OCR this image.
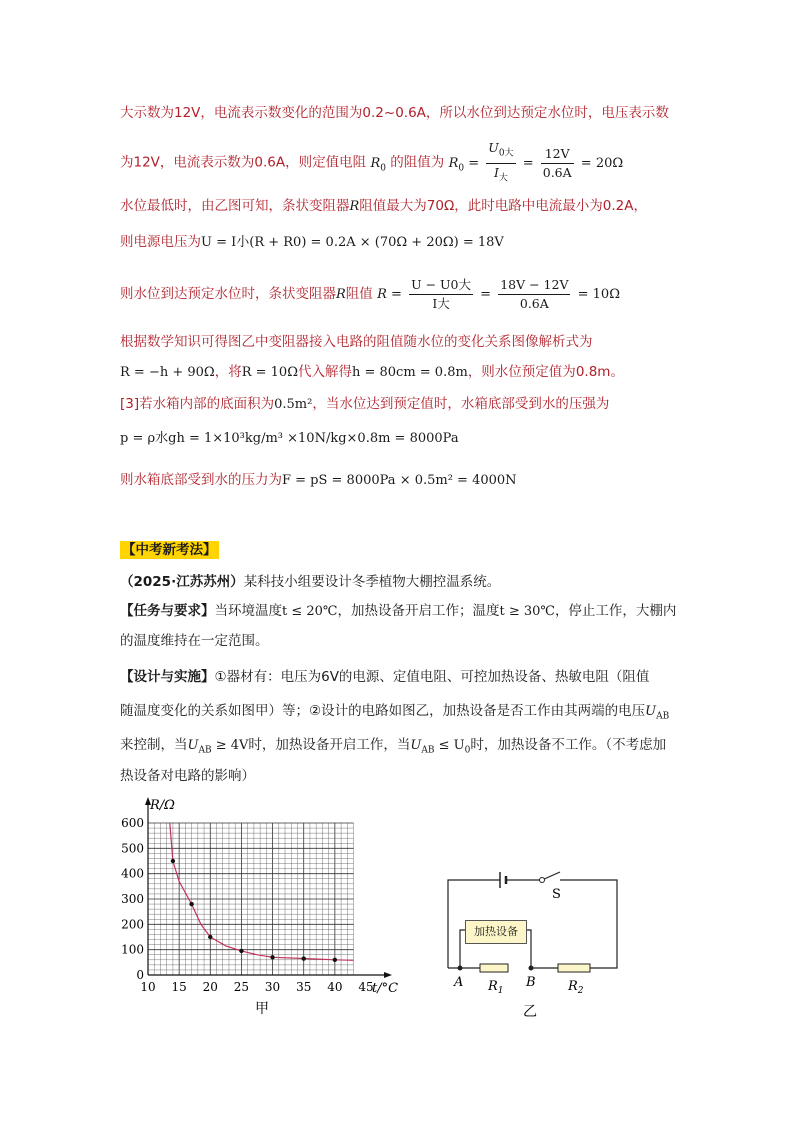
大示数为12V，电流表示数变化的范围为0.2~0.6A，所以水位到达预定水位时，电压表示数
为12V，电流表示数为0.6A，则定值电阻 $R_0$ 的阻值为 $R_0 = \frac{U_{0大}}{I_大} = \frac{12V}{0.6A} = 20\Omega$
水位最低时，由乙图可知，条状变阻器R阻值最大为70Ω，此时电路中电流最小为0.2A，
则电源电压为U = I小(R + R0) = 0.2A × (70Ω + 20Ω) = 18V
则水位到达预定水位时，条状变阻器R阻值 $R = \frac{\text{U − U0大}}{\text{I大}} = \frac{18V - 12V}{0.6A} = 10\Omega$
根据数学知识可得图乙中变阻器接入电路的阻值随水位的变化关系图像解析式为
R = −h + 90Ω，将R = 10Ω代入解得h = 80cm = 0.8m，则水位预定值为0.8m。
[3]若水箱内部的底面积为0.5m²，当水位达到预定值时，水箱底部受到水的压强为
p = ρ水gh = 1×10³kg/m³ ×10N/kg×0.8m = 8000Pa
则水箱底部受到水的压力为F = pS = 8000Pa × 0.5m² = 4000N
【中考新考法】
（2025·江苏苏州）某科技小组要设计冬季植物大棚控温系统。
【任务与要求】当环境温度t ≤ 20℃，加热设备开启工作；温度t ≥ 30℃，停止工作，大棚内
的温度维持在一定范围。
【设计与实施】①器材有：电压为6V的电源、定值电阻、可控加热设备、热敏电阻（阻值
随温度变化的关系如图甲）等；②设计的电路如图乙，加热设备是否工作由其两端的电压$U_{AB}$
来控制，当$U_{AB} \ge 4V$时，加热设备开启工作，当$U_{AB} \le U_0$时，加热设备不工作。（不考虑加
热设备对电路的影响）
10 15 20 25 30 35 40 45
0
100
200
300
400
500
600
R/Ω
t/°C
甲
S
A	B
$R_1$	$R_2$
乙
加热设备
